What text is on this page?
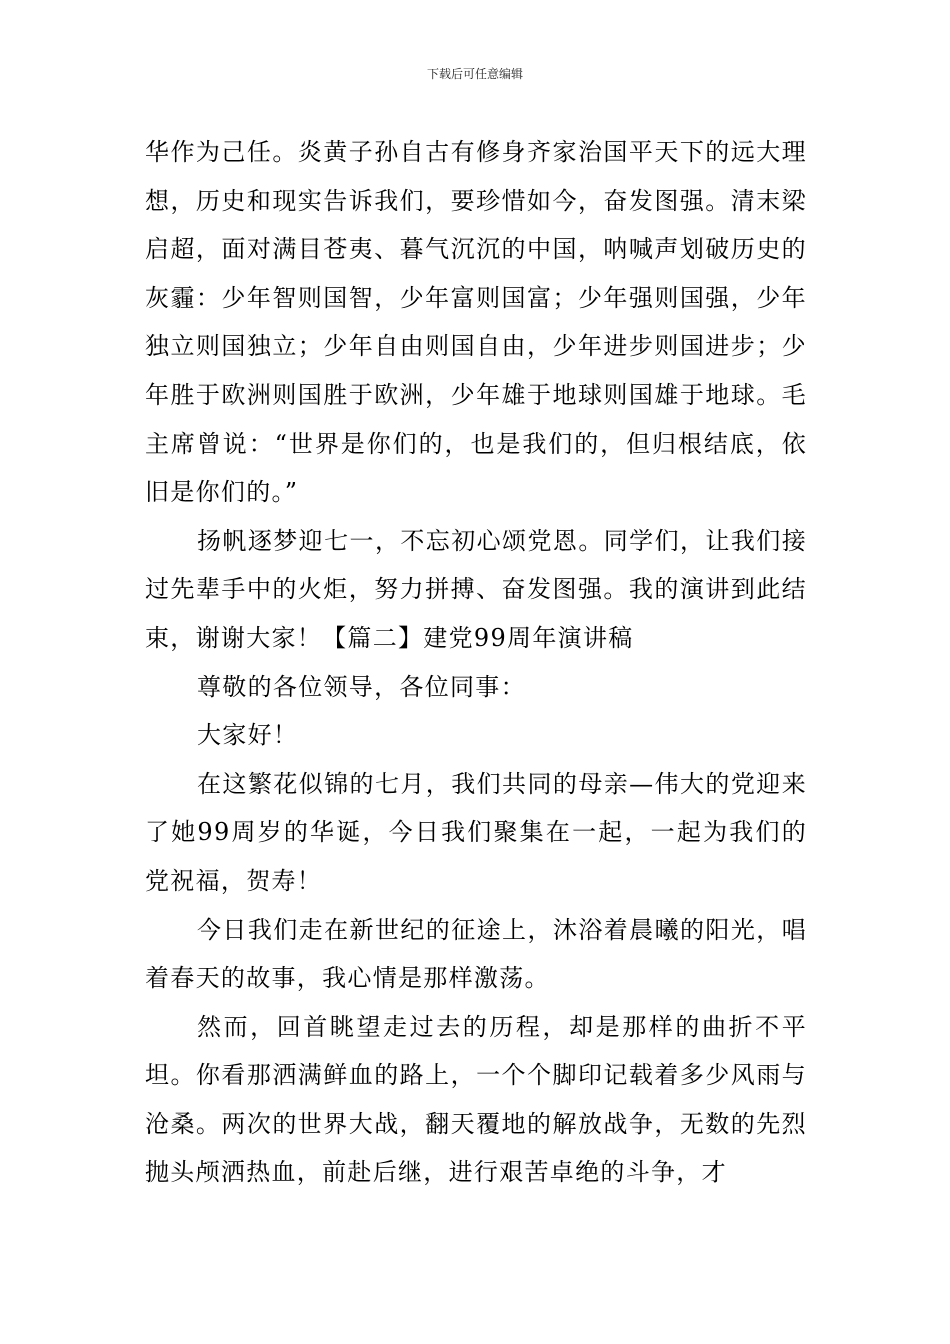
下载后可任意编辑

华作为己任。炎黄子孙自古有修身齐家治国平天下的远大理想，历史和现实告诉我们，要珍惜如今，奋发图强。清末梁启超，面对满目苍夷、暮气沉沉的中国，呐喊声划破历史的灰霾：少年智则国智，少年富则国富；少年强则国强，少年独立则国独立；少年自由则国自由，少年进步则国进步；少年胜于欧洲则国胜于欧洲，少年雄于地球则国雄于地球。毛主席曾说：“世界是你们的，也是我们的，但归根结底，依旧是你们的。”

扬帆逐梦迎七一，不忘初心颂党恩。同学们，让我们接过先辈手中的火炬，努力拼搏、奋发图强。我的演讲到此结束，谢谢大家！【篇二】建党99周年演讲稿

尊敬的各位领导，各位同事：

大家好！

在这繁花似锦的七月，我们共同的母亲—伟大的党迎来了她99周岁的华诞，今日我们聚集在一起，一起为我们的党祝福，贺寿！

今日我们走在新世纪的征途上，沐浴着晨曦的阳光，唱着春天的故事，我心情是那样激荡。

然而，回首眺望走过去的历程，却是那样的曲折不平坦。你看那洒满鲜血的路上，一个个脚印记载着多少风雨与沧桑。两次的世界大战，翻天覆地的解放战争，无数的先烈抛头颅洒热血，前赴后继，进行艰苦卓绝的斗争，才
